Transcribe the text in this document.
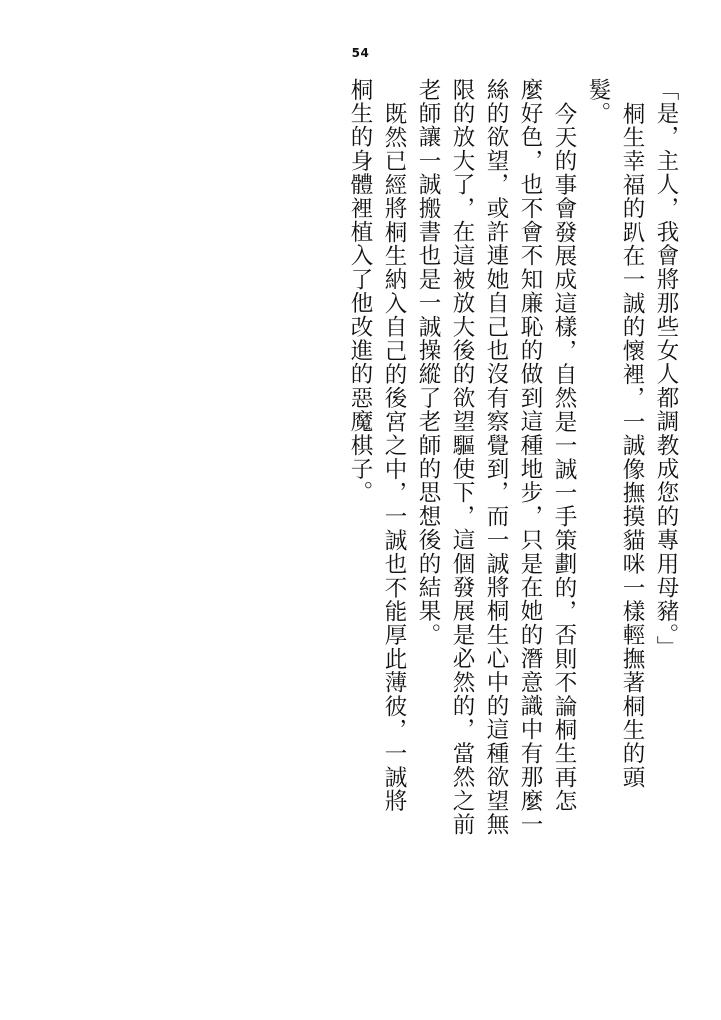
54
「是，主人，我會將那些女人都調教成您的專用母豬。」
桐生幸福的趴在一誠的懷裡，一誠像撫摸貓咪一樣輕撫著桐生的頭
髮。
今天的事會發展成這樣，自然是一誠一手策劃的，否則不論桐生再怎
麼好色，也不會不知廉恥的做到這種地步，只是在她的潛意識中有那麼一
絲的欲望，或許連她自己也沒有察覺到，而一誠將桐生心中的這種欲望無
限的放大了，在這被放大後的欲望驅使下，這個發展是必然的，當然之前
老師讓一誠搬書也是一誠操縱了老師的思想後的結果。
既然已經將桐生納入自己的後宮之中，一誠也不能厚此薄彼，一誠將
桐生的身體裡植入了他改進的惡魔棋子。
